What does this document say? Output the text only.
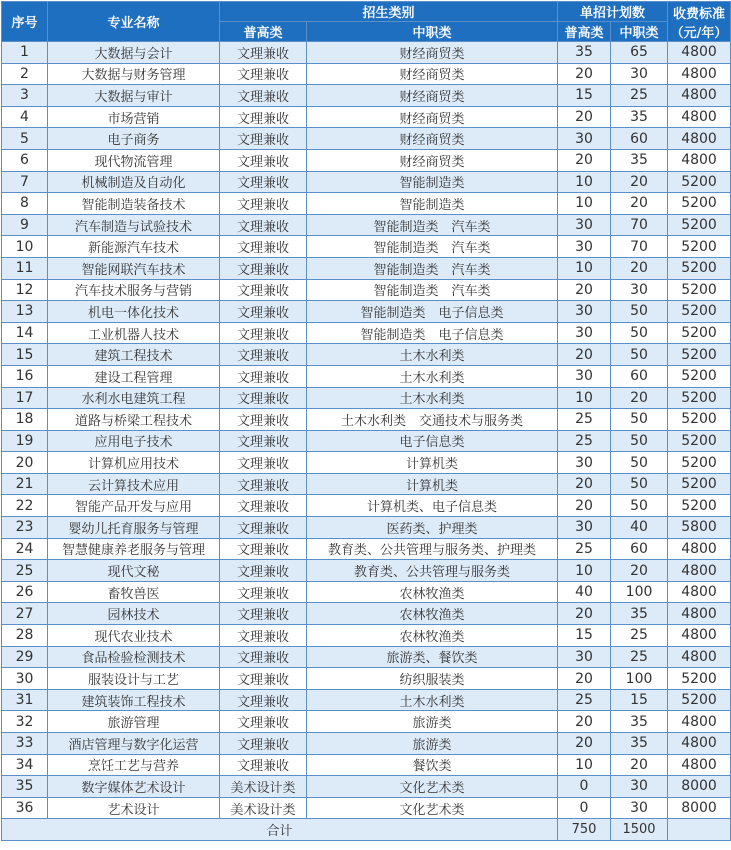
序号	专业名称	招生类别		单招计划数		收费标准
（元/年）
		普高类	中职类	普高类	中职类	
1	大数据与会计	文理兼收	财经商贸类	35	65	4800
2	大数据与财务管理	文理兼收	财经商贸类	20	30	4800
3	大数据与审计	文理兼收	财经商贸类	15	25	4800
4	市场营销	文理兼收	财经商贸类	20	35	4800
5	电子商务	文理兼收	财经商贸类	30	60	4800
6	现代物流管理	文理兼收	财经商贸类	20	35	4800
7	机械制造及自动化	文理兼收	智能制造类	10	20	5200
8	智能制造装备技术	文理兼收	智能制造类	10	20	5200
9	汽车制造与试验技术	文理兼收	智能制造类　汽车类	30	70	5200
10	新能源汽车技术	文理兼收	智能制造类　汽车类	30	70	5200
11	智能网联汽车技术	文理兼收	智能制造类　汽车类	10	20	5200
12	汽车技术服务与营销	文理兼收	智能制造类　汽车类	20	30	5200
13	机电一体化技术	文理兼收	智能制造类　电子信息类	30	50	5200
14	工业机器人技术	文理兼收	智能制造类　电子信息类	30	50	5200
15	建筑工程技术	文理兼收	土木水利类	20	50	5200
16	建设工程管理	文理兼收	土木水利类	30	60	5200
17	水利水电建筑工程	文理兼收	土木水利类	10	20	5200
18	道路与桥梁工程技术	文理兼收	土木水利类　交通技术与服务类	25	50	5200
19	应用电子技术	文理兼收	电子信息类	25	50	5200
20	计算机应用技术	文理兼收	计算机类	30	50	5200
21	云计算技术应用	文理兼收	计算机类	20	50	5200
22	智能产品开发与应用	文理兼收	计算机类、电子信息类	20	50	5200
23	婴幼儿托育服务与管理	文理兼收	医药类、护理类	30	40	5800
24	智慧健康养老服务与管理	文理兼收	教育类、公共管理与服务类、护理类	25	60	4800
25	现代文秘	文理兼收	教育类、公共管理与服务类	10	20	4800
26	畜牧兽医	文理兼收	农林牧渔类	40	100	4800
27	园林技术	文理兼收	农林牧渔类	20	35	4800
28	现代农业技术	文理兼收	农林牧渔类	15	25	4800
29	食品检验检测技术	文理兼收	旅游类、餐饮类	30	25	4800
30	服装设计与工艺	文理兼收	纺织服装类	20	100	5200
31	建筑装饰工程技术	文理兼收	土木水利类	25	15	5200
32	旅游管理	文理兼收	旅游类	20	35	4800
33	酒店管理与数字化运营	文理兼收	旅游类	20	35	4800
34	烹饪工艺与营养	文理兼收	餐饮类	10	20	4800
35	数字媒体艺术设计	美术设计类	文化艺术类	0	30	8000
36	艺术设计	美术设计类	文化艺术类	0	30	8000
合计				750	1500	
